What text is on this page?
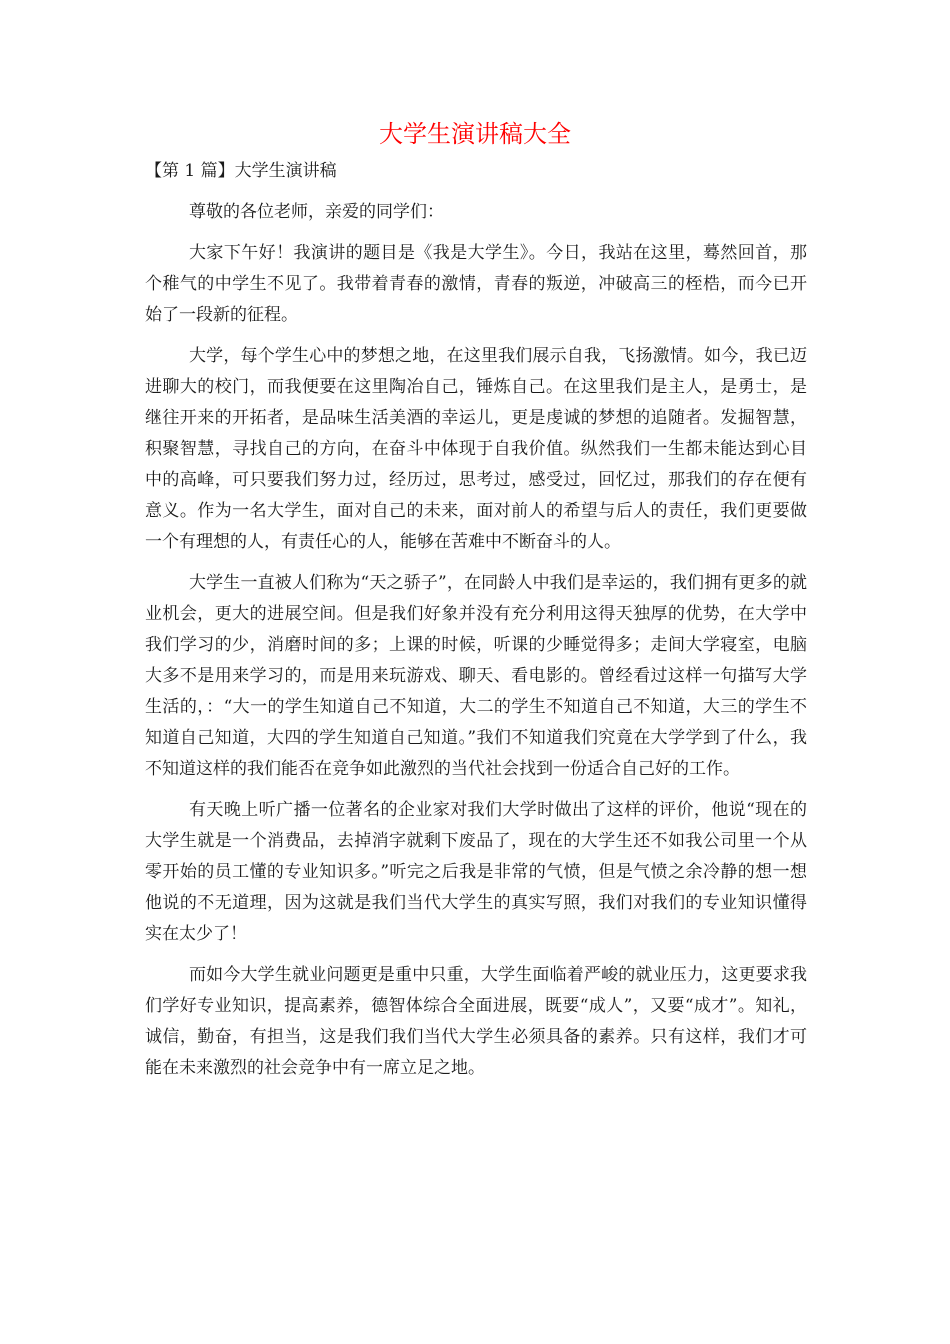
大学生演讲稿大全
【第 1 篇】大学生演讲稿

尊敬的各位老师，亲爱的同学们：

大家下午好！我演讲的题目是《我是大学生》。今日，我站在这里，蓦然回首，那个稚气的中学生不见了。我带着青春的激情，青春的叛逆，冲破高三的桎梏，而今已开始了一段新的征程。

大学，每个学生心中的梦想之地，在这里我们展示自我，飞扬激情。如今，我已迈进聊大的校门，而我便要在这里陶冶自己，锤炼自己。在这里我们是主人，是勇士，是继往开来的开拓者，是品味生活美酒的幸运儿，更是虔诚的梦想的追随者。发掘智慧，积聚智慧，寻找自己的方向，在奋斗中体现于自我价值。纵然我们一生都未能达到心目中的高峰，可只要我们努力过，经历过，思考过，感受过，回忆过，那我们的存在便有意义。作为一名大学生，面对自己的未来，面对前人的希望与后人的责任，我们更要做一个有理想的人，有责任心的人，能够在苦难中不断奋斗的人。

大学生一直被人们称为“天之骄子”，在同龄人中我们是幸运的，我们拥有更多的就业机会，更大的进展空间。但是我们好象并没有充分利用这得天独厚的优势，在大学中我们学习的少，消磨时间的多；上课的时候，听课的少睡觉得多；走间大学寝室，电脑大多不是用来学习的，而是用来玩游戏、聊天、看电影的。曾经看过这样一句描写大学生活的，：“大一的学生知道自己不知道，大二的学生不知道自己不知道，大三的学生不知道自己知道，大四的学生知道自己知道。”我们不知道我们究竟在大学学到了什么，我不知道这样的我们能否在竞争如此激烈的当代社会找到一份适合自己好的工作。

有天晚上听广播一位著名的企业家对我们大学时做出了这样的评价，他说“现在的大学生就是一个消费品，去掉消字就剩下废品了，现在的大学生还不如我公司里一个从零开始的员工懂的专业知识多。”听完之后我是非常的气愤，但是气愤之余冷静的想一想他说的不无道理，因为这就是我们当代大学生的真实写照，我们对我们的专业知识懂得实在太少了！

而如今大学生就业问题更是重中只重，大学生面临着严峻的就业压力，这更要求我们学好专业知识，提高素养，德智体综合全面进展，既要“成人”，又要“成才”。知礼，诚信，勤奋，有担当，这是我们我们当代大学生必须具备的素养。只有这样，我们才可能在未来激烈的社会竞争中有一席立足之地。
